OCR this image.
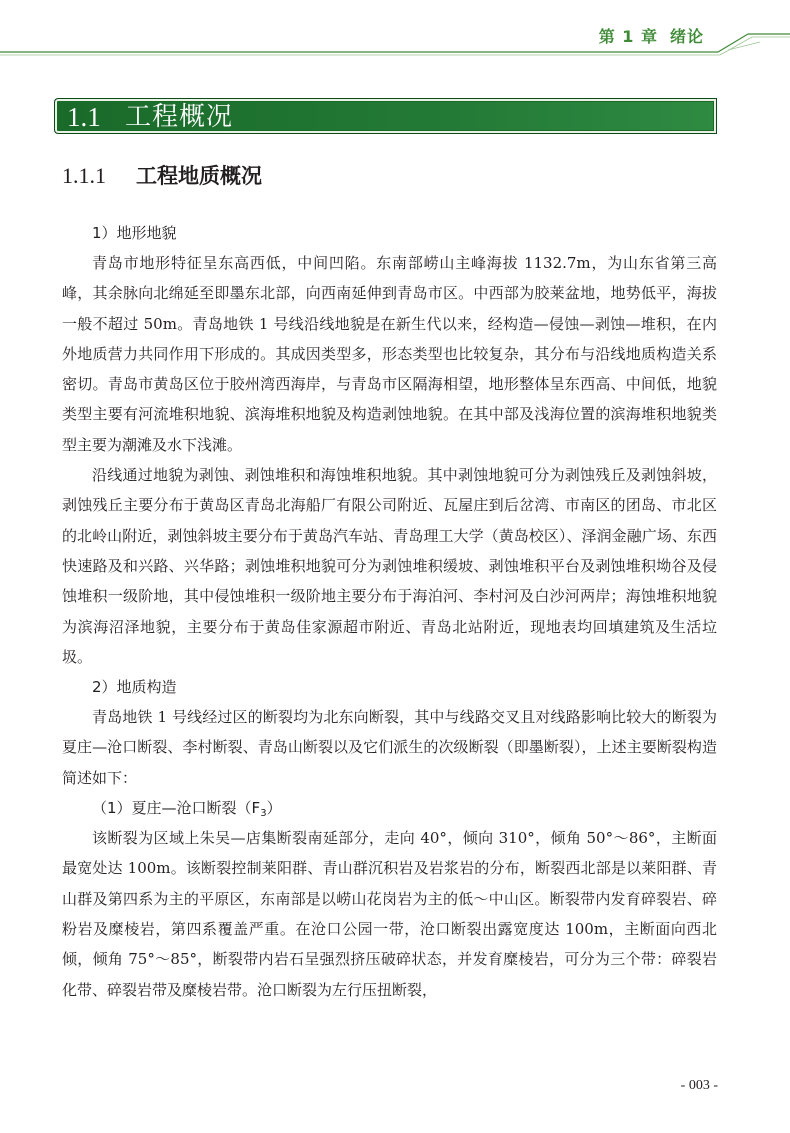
第 1 章 绪论
1.1 工程概况
1.1.1 工程地质概况

1）地形地貌

青岛市地形特征呈东高西低，中间凹陷。东南部崂山主峰海拔 1132.7m，为山东省第三高峰，其余脉向北绵延至即墨东北部，向西南延伸到青岛市区。中西部为胶莱盆地，地势低平，海拔一般不超过 50m。青岛地铁 1 号线沿线地貌是在新生代以来，经构造—侵蚀—剥蚀—堆积，在内外地质营力共同作用下形成的。其成因类型多，形态类型也比较复杂，其分布与沿线地质构造关系密切。青岛市黄岛区位于胶州湾西海岸，与青岛市区隔海相望，地形整体呈东西高、中间低，地貌类型主要有河流堆积地貌、滨海堆积地貌及构造剥蚀地貌。在其中部及浅海位置的滨海堆积地貌类型主要为潮滩及水下浅滩。

沿线通过地貌为剥蚀、剥蚀堆积和海蚀堆积地貌。其中剥蚀地貌可分为剥蚀残丘及剥蚀斜坡，剥蚀残丘主要分布于黄岛区青岛北海船厂有限公司附近、瓦屋庄到后岔湾、市南区的团岛、市北区的北岭山附近，剥蚀斜坡主要分布于黄岛汽车站、青岛理工大学（黄岛校区）、泽润金融广场、东西快速路及和兴路、兴华路；剥蚀堆积地貌可分为剥蚀堆积缓坡、剥蚀堆积平台及剥蚀堆积坳谷及侵蚀堆积一级阶地，其中侵蚀堆积一级阶地主要分布于海泊河、李村河及白沙河两岸；海蚀堆积地貌为滨海沼泽地貌，主要分布于黄岛佳家源超市附近、青岛北站附近，现地表均回填建筑及生活垃圾。

2）地质构造

青岛地铁 1 号线经过区的断裂均为北东向断裂，其中与线路交叉且对线路影响比较大的断裂为夏庄—沧口断裂、李村断裂、青岛山断裂以及它们派生的次级断裂（即墨断裂），上述主要断裂构造简述如下：

（1）夏庄—沧口断裂$(F_3)$

该断裂为区域上朱吴—店集断裂南延部分，走向 40°，倾向 310°，倾角 50°～86°，主断面最宽处达 100m。该断裂控制莱阳群、青山群沉积岩及岩浆岩的分布，断裂西北部是以莱阳群、青山群及第四系为主的平原区，东南部是以崂山花岗岩为主的低～中山区。断裂带内发育碎裂岩、碎粉岩及糜棱岩，第四系覆盖严重。在沧口公园一带，沧口断裂出露宽度达 100m，主断面向西北倾，倾角 75°～85°，断裂带内岩石呈强烈挤压破碎状态，并发育糜棱岩，可分为三个带：碎裂岩化带、碎裂岩带及糜棱岩带。沧口断裂为左行压扭断裂，

- 003 -
